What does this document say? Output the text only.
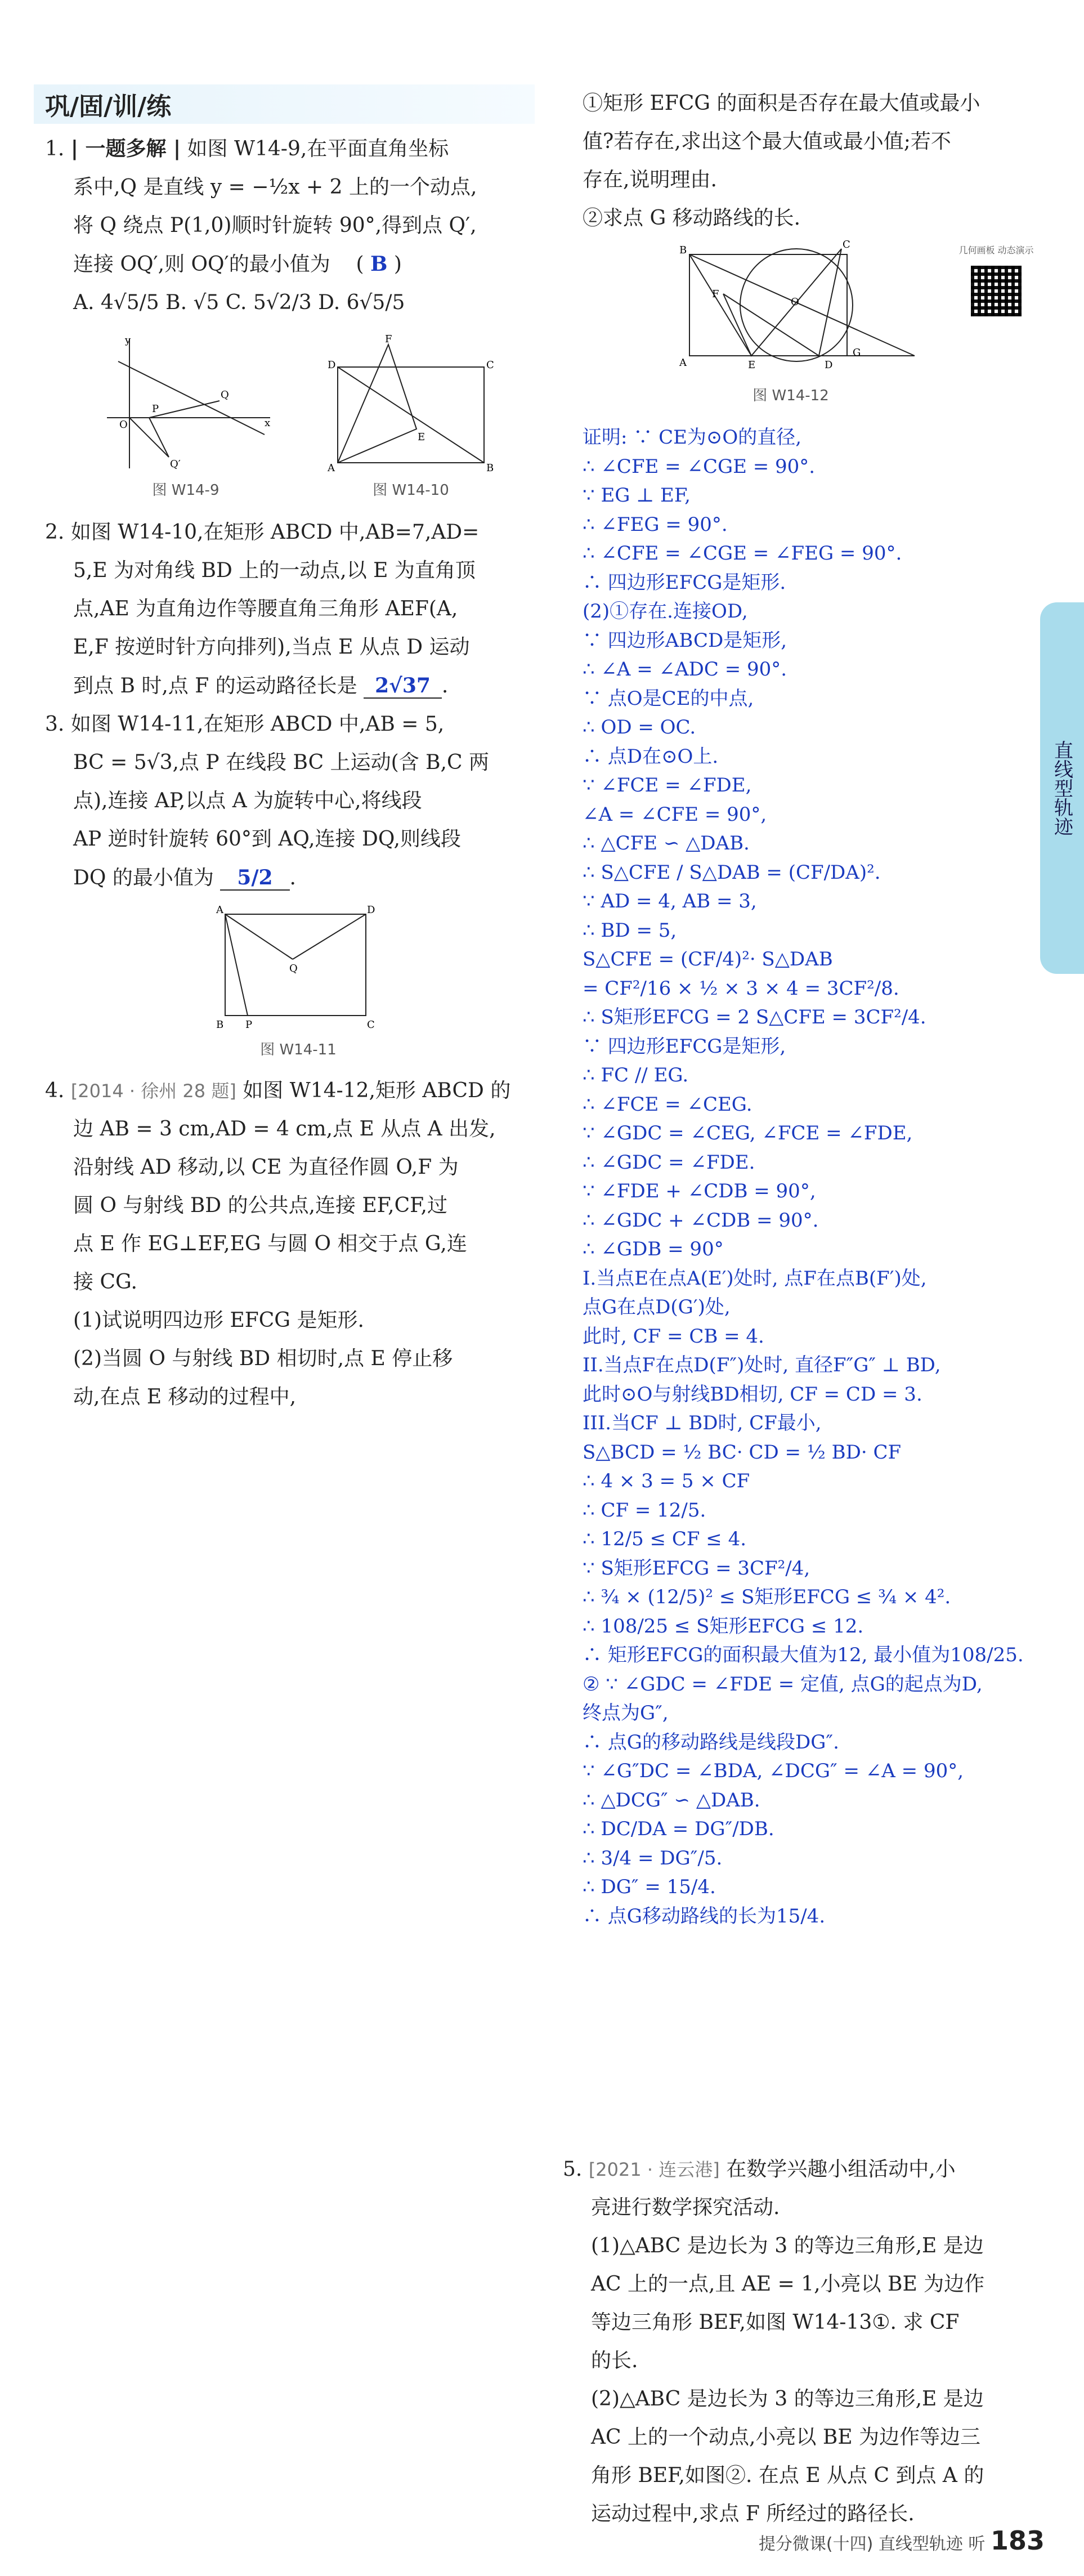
巩/固/训/练

1. | 一题多解 | 如图 W14-9,在平面直角坐标

系中,Q 是直线 y = −½x + 2 上的一个动点,

将 Q 绕点 P(1,0)顺时针旋转 90°,得到点 Q′,

连接 OQ′,则 OQ′的最小值为    ( B )

A. 4√5/5 B. √5 C. 5√2/3 D. 6√5/5

y
x
O
P
Q
Q′
D	C
A	B
F
E
图 W14-9	图 W14-10

2. 如图 W14-10,在矩形 ABCD 中,AB=7,AD=

5,E 为对角线 BD 上的一动点,以 E 为直角顶

点,AE 为直角边作等腰直角三角形 AEF(A,

E,F 按逆时针方向排列),当点 E 从点 D 运动

到点 B 时,点 F 的运动路径长是 2√37 .

3. 如图 W14-11,在矩形 ABCD 中,AB = 5,

BC = 5√3,点 P 在线段 BC 上运动(含 B,C 两

点),连接 AP,以点 A 为旋转中心,将线段

AP 逆时针旋转 60°到 AQ,连接 DQ,则线段

DQ 的最小值为 5/2 .

A	D
B P	C
Q
图 W14-11

4. [2014 · 徐州 28 题] 如图 W14-12,矩形 ABCD 的

边 AB = 3 cm,AD = 4 cm,点 E 从点 A 出发,

沿射线 AD 移动,以 CE 为直径作圆 O,F 为

圆 O 与射线 BD 的公共点,连接 EF,CF,过

点 E 作 EG⊥EF,EG 与圆 O 相交于点 G,连

接 CG.

(1)试说明四边形 EFCG 是矩形.

(2)当圆 O 与射线 BD 相切时,点 E 停止移

动,在点 E 移动的过程中,

①矩形 EFCG 的面积是否存在最大值或最小

值?若存在,求出这个最大值或最小值;若不

存在,说明理由.

②求点 G 移动路线的长.

B	C
A	E	D
G
F
O
几何画板 动态演示
图 W14-12

证明: ∵ CE为⊙O的直径,

∴ ∠CFE = ∠CGE = 90°.

∵ EG ⊥ EF,

∴ ∠FEG = 90°.

∴ ∠CFE = ∠CGE = ∠FEG = 90°.

∴ 四边形EFCG是矩形.

(2)①存在.连接OD,

∵ 四边形ABCD是矩形,

∴ ∠A = ∠ADC = 90°.

∵ 点O是CE的中点,

∴ OD = OC.

∴ 点D在⊙O上.

∵ ∠FCE = ∠FDE,

∠A = ∠CFE = 90°,

∴ △CFE ∽ △DAB.

∴ S△CFE / S△DAB = (CF/DA)².

∵ AD = 4, AB = 3,

∴ BD = 5,

S△CFE = (CF/4)²· S△DAB

= CF²/16 × ½ × 3 × 4 = 3CF²/8.

∴ S矩形EFCG = 2 S△CFE = 3CF²/4.

∵ 四边形EFCG是矩形,

∴ FC // EG.

∴ ∠FCE = ∠CEG.

∵ ∠GDC = ∠CEG, ∠FCE = ∠FDE,

∴ ∠GDC = ∠FDE.

∵ ∠FDE + ∠CDB = 90°,

∴ ∠GDC + ∠CDB = 90°.

∴ ∠GDB = 90°

I.当点E在点A(E′)处时, 点F在点B(F′)处,

点G在点D(G′)处,

此时, CF = CB = 4.

II.当点F在点D(F″)处时, 直径F″G″ ⊥ BD,

此时⊙O与射线BD相切, CF = CD = 3.

III.当CF ⊥ BD时, CF最小,

S△BCD = ½ BC· CD = ½ BD· CF

∴ 4 × 3 = 5 × CF

∴ CF = 12/5.

∴ 12/5 ≤ CF ≤ 4.

∵ S矩形EFCG = 3CF²/4,

∴ ¾ × (12/5)² ≤ S矩形EFCG ≤ ¾ × 4².

∴ 108/25 ≤ S矩形EFCG ≤ 12.

∴ 矩形EFCG的面积最大值为12, 最小值为108/25.

② ∵ ∠GDC = ∠FDE = 定值, 点G的起点为D,

终点为G″,

∴ 点G的移动路线是线段DG″.

∵ ∠G″DC = ∠BDA, ∠DCG″ = ∠A = 90°,

∴ △DCG″ ∽ △DAB.

∴ DC/DA = DG″/DB.

∴ 3/4 = DG″/5.

∴ DG″ = 15/4.

∴ 点G移动路线的长为15/4.

5. [2021 · 连云港] 在数学兴趣小组活动中,小

亮进行数学探究活动.

(1)△ABC 是边长为 3 的等边三角形,E 是边

AC 上的一点,且 AE = 1,小亮以 BE 为边作

等边三角形 BEF,如图 W14-13①. 求 CF

的长.

(2)△ABC 是边长为 3 的等边三角形,E 是边

AC 上的一个动点,小亮以 BE 为边作等边三

角形 BEF,如图②. 在点 E 从点 C 到点 A 的

运动过程中,求点 F 所经过的路径长.

直线型轨迹
提分微课(十四) 直线型轨迹 听 183
